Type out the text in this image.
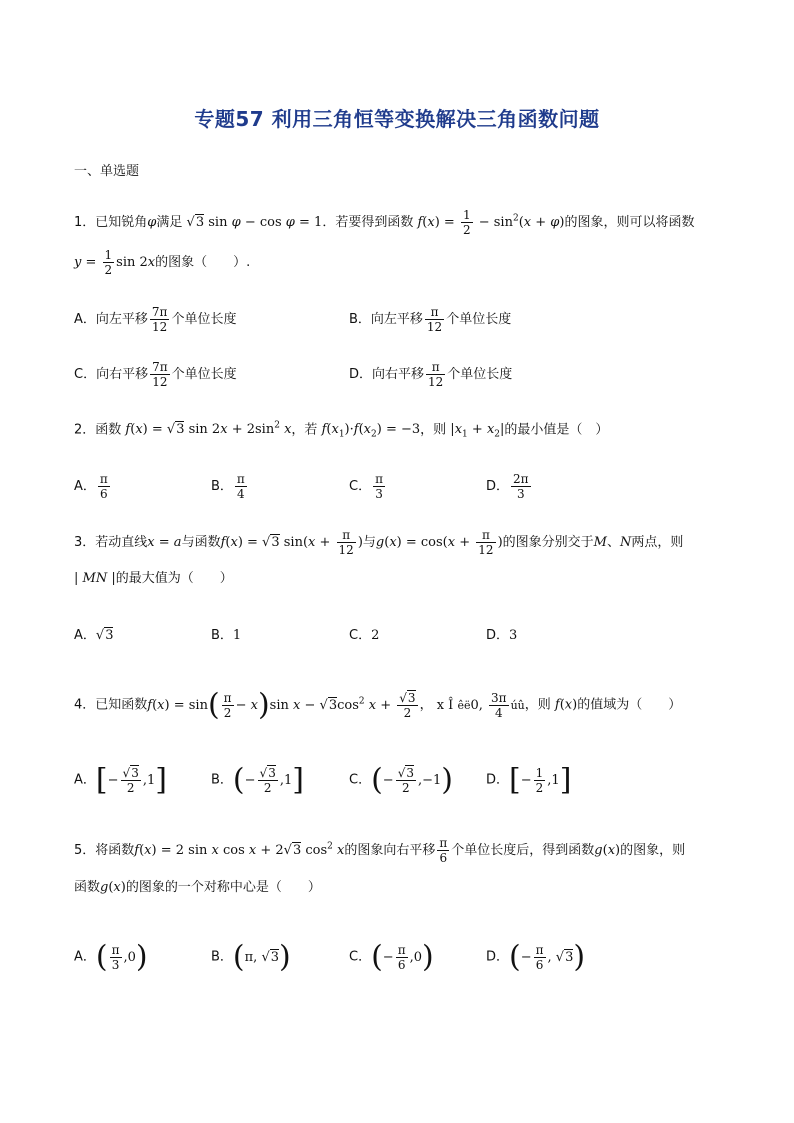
专题57 利用三角恒等变换解决三角函数问题
一、单选题
1．已知锐角φ满足 √3 sin φ − cos φ = 1．若要得到函数 $f(x) = \frac{1}{2} - \sin^2(x + \varphi)$的图象，则可以将函数
$y = \frac{1}{2}$ sin 2x的图象（　　）.
A．向左平移 $\frac{7\pi}{12}$ 个单位长度	B．向左平移 $\frac{\pi}{12}$ 个单位长度
C．向右平移 $\frac{7\pi}{12}$ 个单位长度	D．向右平移 $\frac{\pi}{12}$ 个单位长度
2．函数 f(x) = √3 $\sin 2x + 2\sin^2$ x，若 $f(x_1)\cdot f(x_2) = -3$，则 $|x_1 + x_2|$的最小值是（　）
A． $\frac{\pi}{6}$	B． $\frac{\pi}{4}$	C． $\frac{\pi}{3}$	D． $\frac{2\pi}{3}$
3．若动直线x = a与函数f(x) = √3 $\sin(x + \frac{\pi}{12}$ )与$g(x) = \cos(x + \frac{\pi}{12}$ )的图象分别交于M、N两点，则
| MN |的最大值为（　　）
A．√3	B．1	C．2	D．3
4．已知函数$f(x) = \sin( \frac{\pi}{2} - x)\sin$ $x - √3\cos^2$ $x + \frac{√3}{2}$ ， x Î êë0, $\frac{3\pi}{4}$ úû，则 f(x)的值域为（　　）
A．[− $\frac{√3}{2} ,1$]	B．(− $\frac{√3}{2} ,1$]	C．(− $\frac{√3}{2} ,-1$)	D．[− $\frac{1}{2} ,1$]
5．将函数f(x) = 2 sin x cos x + 2√3 $\cos^2 x$的图象向右平移 $\frac{\pi}{6}$ 个单位长度后，得到函数g(x)的图象，则
函数g(x)的图象的一个对称中心是（　　）
A．( $\frac{\pi}{3} ,0$)	B．(π, √3)	C．(− $\frac{\pi}{6} ,0$)	D．(− $\frac{\pi}{6}$ , √3)
